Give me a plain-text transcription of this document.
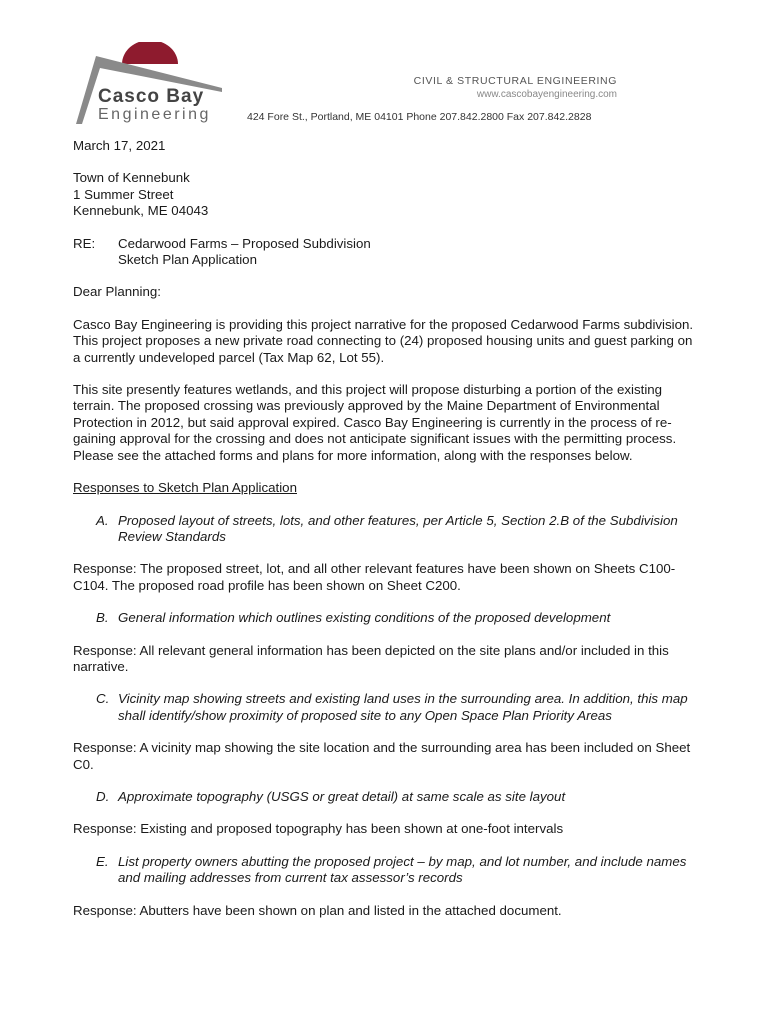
Casco Bay
Engineering
CIVIL & STRUCTURAL ENGINEERING
www.cascobayengineering.com
424 Fore St., Portland, ME 04101 Phone 207.842.2800 Fax 207.842.2828

March 17, 2021

Town of Kennebunk

1 Summer Street

Kennebunk, ME 04043

RE:	Cedarwood Farms – Proposed Subdivision

Sketch Plan Application

Dear Planning:

Casco Bay Engineering is providing this project narrative for the proposed Cedarwood Farms subdivision. This project proposes a new private road connecting to (24) proposed housing units and guest parking on a currently undeveloped parcel (Tax Map 62, Lot 55).

This site presently features wetlands, and this project will propose disturbing a portion of the existing terrain. The proposed crossing was previously approved by the Maine Department of Environmental Protection in 2012, but said approval expired. Casco Bay Engineering is currently in the process of re-gaining approval for the crossing and does not anticipate significant issues with the permitting process. Please see the attached forms and plans for more information, along with the responses below.

Responses to Sketch Plan Application

A. Proposed layout of streets, lots, and other features, per Article 5, Section 2.B of the Subdivision Review Standards

Response: The proposed street, lot, and all other relevant features have been shown on Sheets C100-C104. The proposed road profile has been shown on Sheet C200.

B. General information which outlines existing conditions of the proposed development

Response: All relevant general information has been depicted on the site plans and/or included in this narrative.

C. Vicinity map showing streets and existing land uses in the surrounding area. In addition, this map shall identify/show proximity of proposed site to any Open Space Plan Priority Areas

Response: A vicinity map showing the site location and the surrounding area has been included on Sheet C0.

D. Approximate topography (USGS or great detail) at same scale as site layout

Response: Existing and proposed topography has been shown at one-foot intervals

E. List property owners abutting the proposed project – by map, and lot number, and include names and mailing addresses from current tax assessor’s records

Response: Abutters have been shown on plan and listed in the attached document.
